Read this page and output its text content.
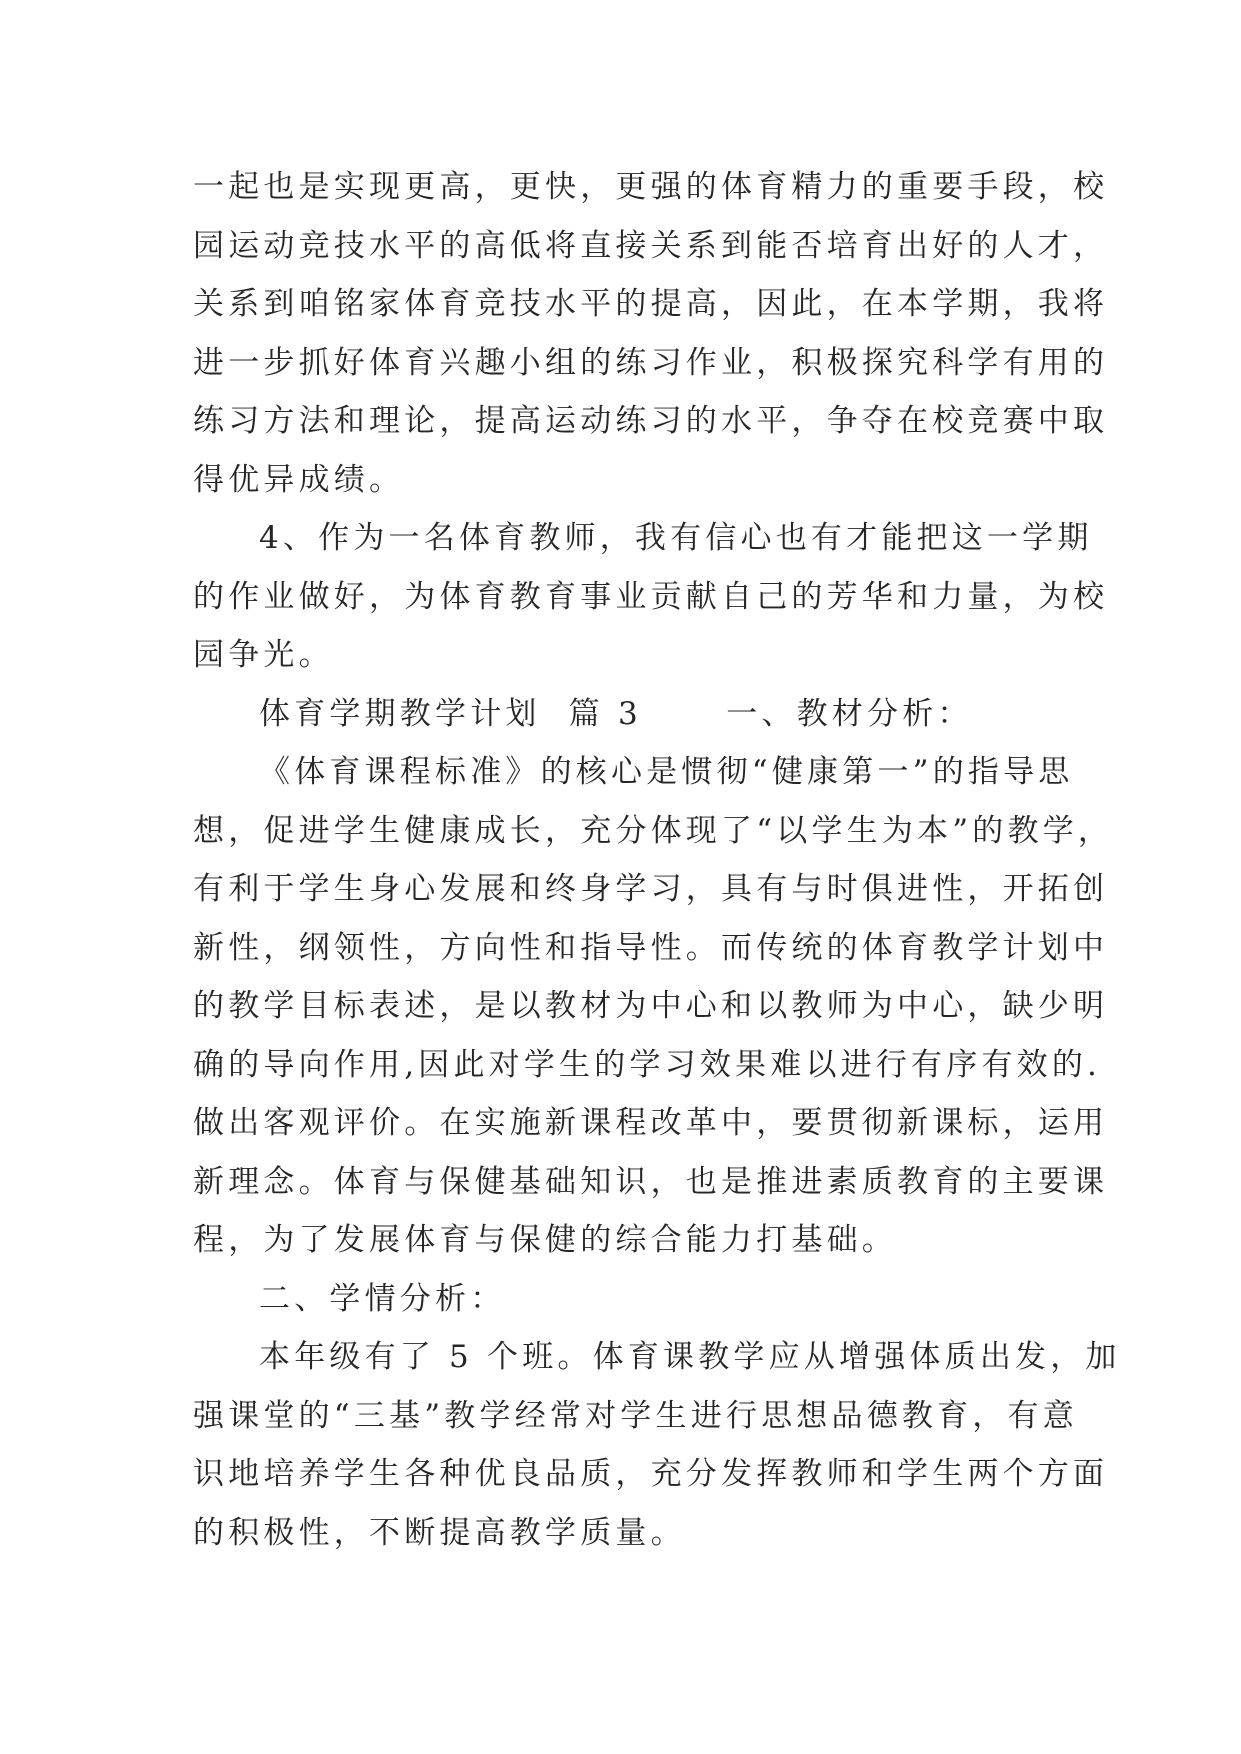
一起也是实现更高，更快，更强的体育精力的重要手段，校
园运动竞技水平的高低将直接关系到能否培育出好的人才，
关系到咱铭家体育竞技水平的提高，因此，在本学期，我将
进一步抓好体育兴趣小组的练习作业，积极探究科学有用的
练习方法和理论，提高运动练习的水平，争夺在校竞赛中取
得优异成绩。
4、作为一名体育教师，我有信心也有才能把这一学期
的作业做好，为体育教育事业贡献自己的芳华和力量，为校
园争光。
体育学期教学计划  篇 3      一、教材分析：
《体育课程标准》的核心是惯彻“健康第一”的指导思
想，促进学生健康成长，充分体现了“以学生为本”的教学，
有利于学生身心发展和终身学习，具有与时俱进性，开拓创
新性，纲领性，方向性和指导性。而传统的体育教学计划中
的教学目标表述，是以教材为中心和以教师为中心，缺少明
确的导向作用,因此对学生的学习效果难以进行有序有效的.
做出客观评价。在实施新课程改革中，要贯彻新课标，运用
新理念。体育与保健基础知识，也是推进素质教育的主要课
程，为了发展体育与保健的综合能力打基础。
二、学情分析：
本年级有了 5 个班。体育课教学应从增强体质出发，加
强课堂的“三基”教学经常对学生进行思想品德教育，有意
识地培养学生各种优良品质，充分发挥教师和学生两个方面
的积极性，不断提高教学质量。
